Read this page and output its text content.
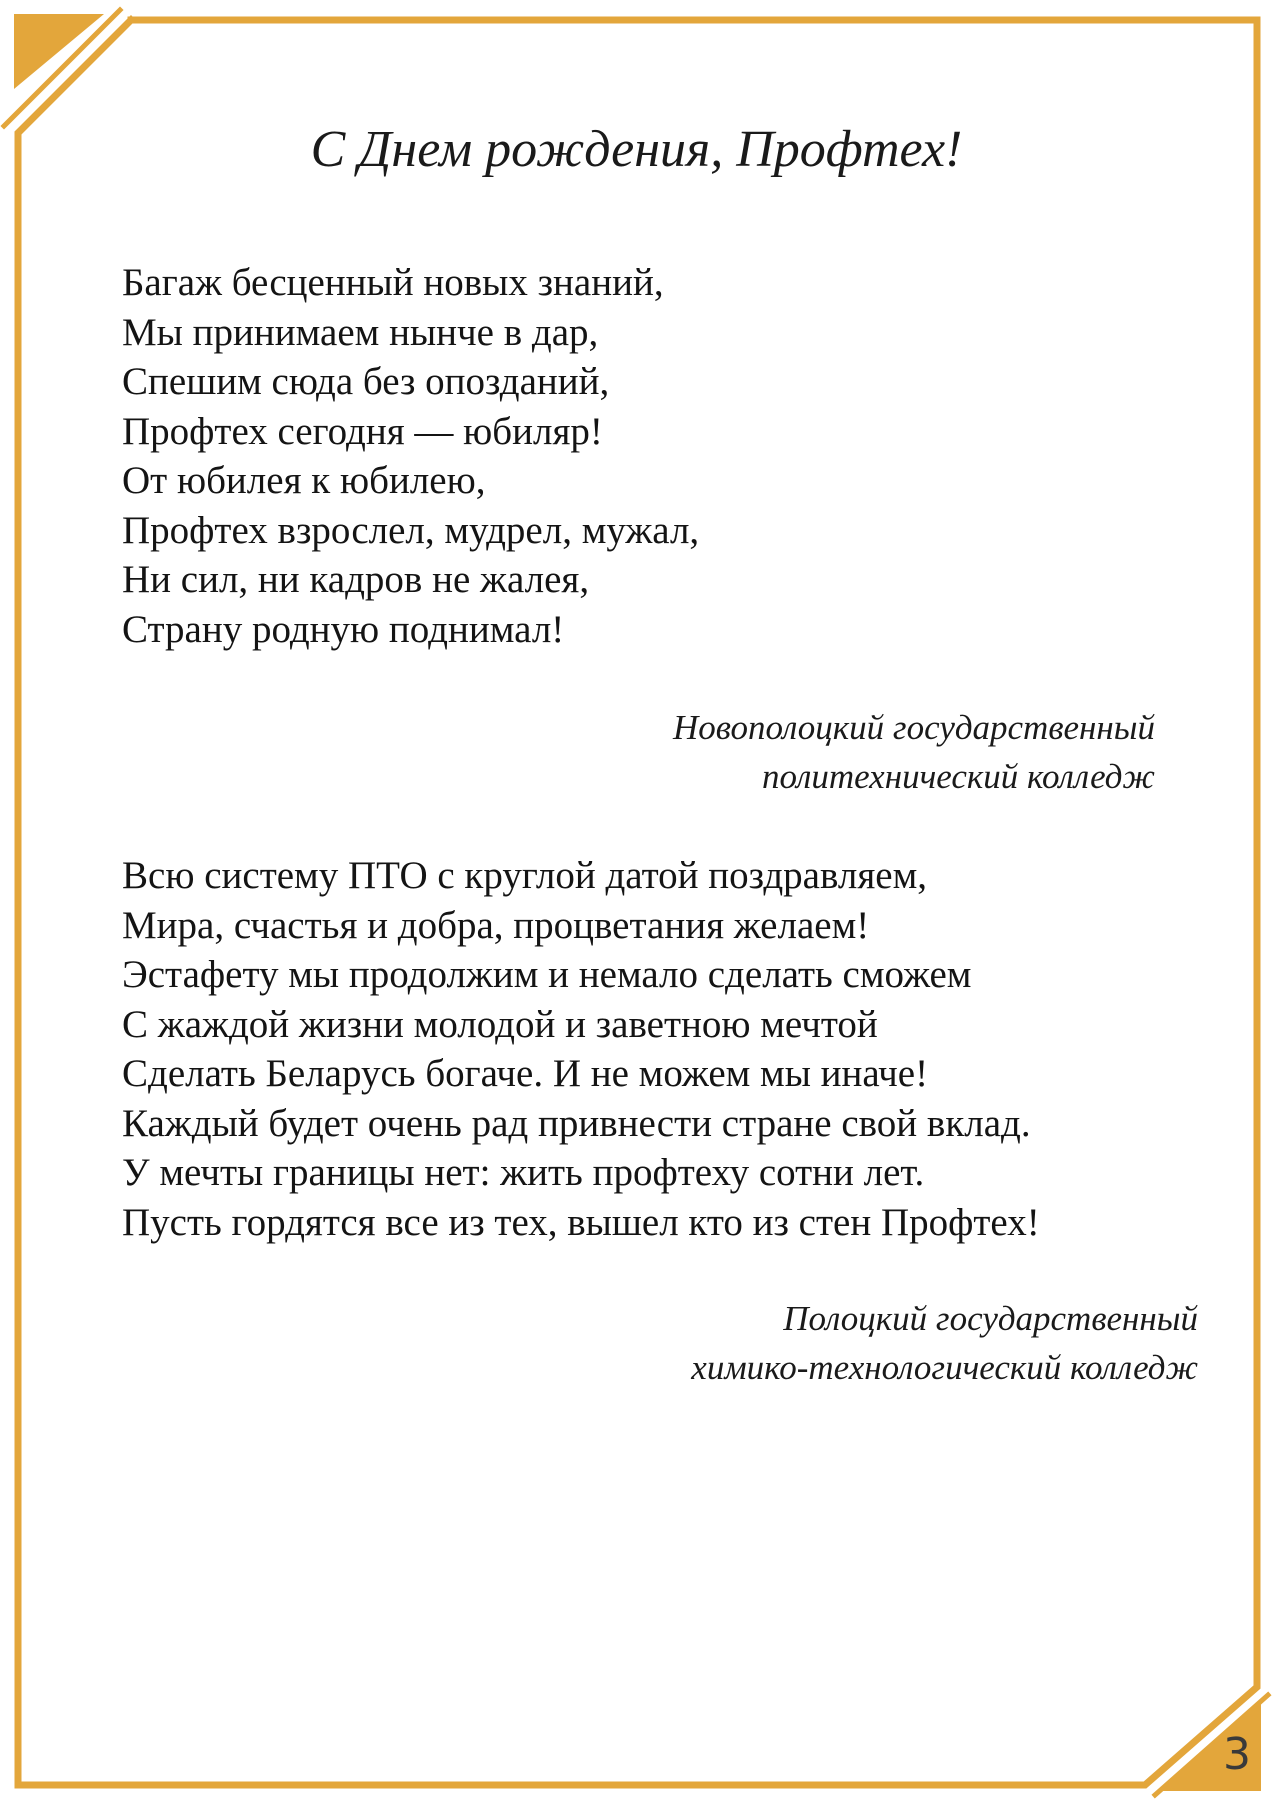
С Днем рождения, Профтех!
Багаж бесценный новых знаний,
Мы принимаем нынче в дар,
Спешим сюда без опозданий,
Профтех сегодня — юбиляр!
От юбилея к юбилею,
Профтех взрослел, мудрел, мужал,
Ни сил, ни кадров не жалея,
Страну родную поднимал!
Новополоцкий государственный
политехнический колледж
Всю систему ПТО с круглой датой поздравляем,
Мира, счастья и добра, процветания желаем!
Эстафету мы продолжим и немало сделать сможем
С жаждой жизни молодой и заветною мечтой
Сделать Беларусь богаче. И не можем мы иначе!
Каждый будет очень рад привнести стране свой вклад.
У мечты границы нет: жить профтеху сотни лет.
Пусть гордятся все из тех, вышел кто из стен Профтех!
Полоцкий государственный
химико-технологический колледж
3
